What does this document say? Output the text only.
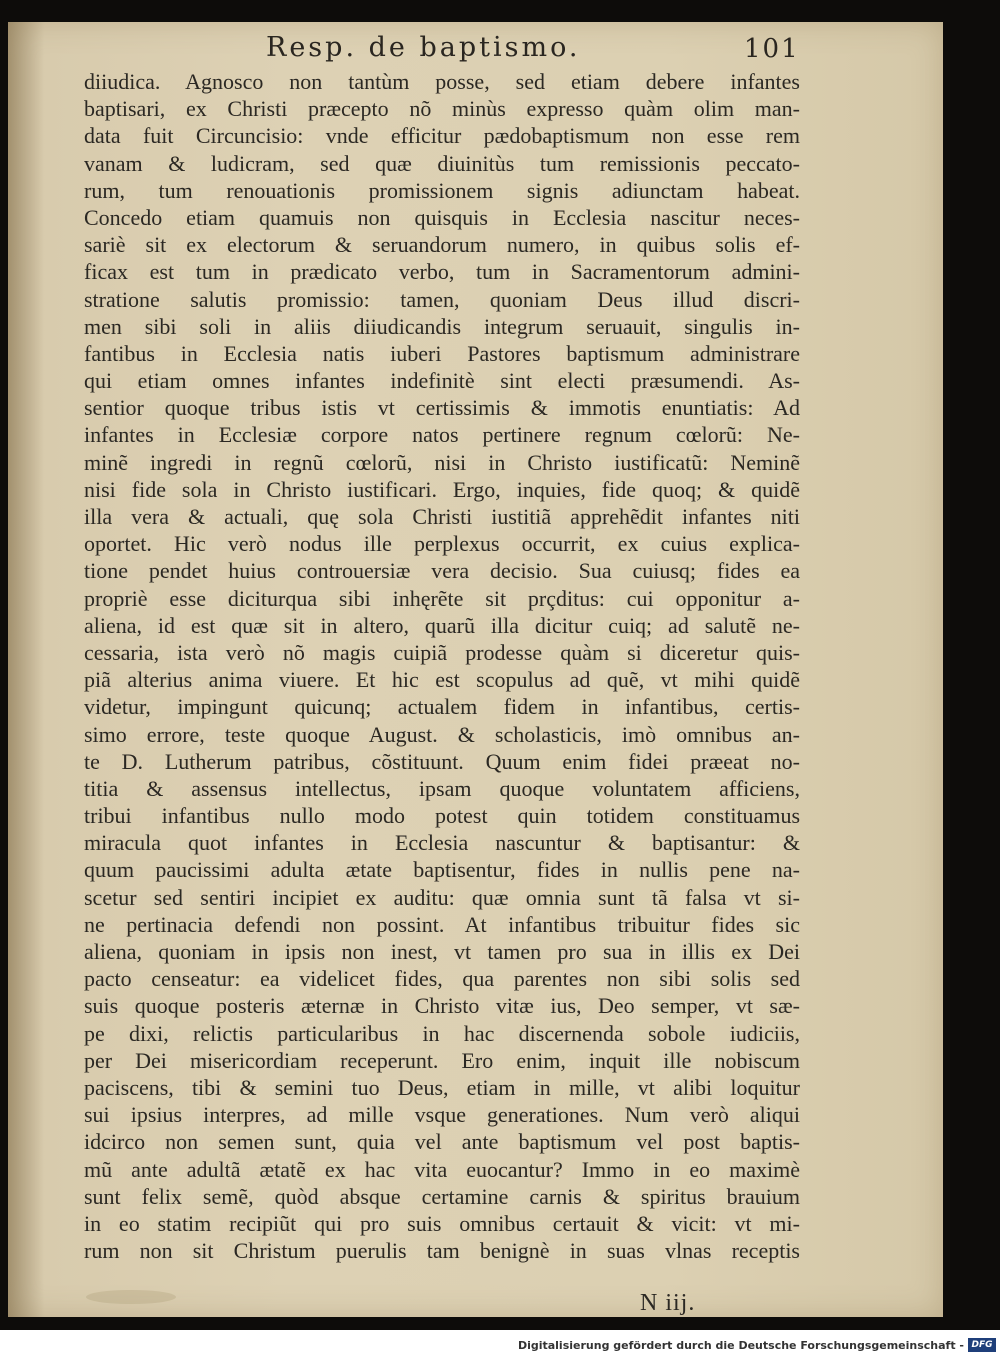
Resp. de baptismo.	101
diiudica. Agnosco non tantùm posse, sed etiam debere infantes
baptisari, ex Christi præcepto nõ minùs expresso quàm olim man-
data fuit Circuncisio: vnde efficitur pædobaptismum non esse rem
vanam & ludicram, sed quæ diuinitùs tum remissionis peccato-
rum, tum renouationis promissionem signis adiunctam habeat.
Concedo etiam quamuis non quisquis in Ecclesia nascitur neces-
sariè sit ex electorum & seruandorum numero, in quibus solis ef-
ficax est tum in prædicato verbo, tum in Sacramentorum admini-
stratione salutis promissio: tamen, quoniam Deus illud discri-
men sibi soli in aliis diiudicandis integrum seruauit, singulis in-
fantibus in Ecclesia natis iuberi Pastores baptismum administrare
qui etiam omnes infantes indefinitè sint electi præsumendi. As-
sentior quoque tribus istis vt certissimis & immotis enuntiatis: Ad
infantes in Ecclesiæ corpore natos pertinere regnum cœlorũ: Ne-
minẽ ingredi in regnũ cœlorũ, nisi in Christo iustificatũ: Neminẽ
nisi fide sola in Christo iustificari. Ergo, inquies, fide quoq; & quidẽ
illa vera & actuali, quę sola Christi iustitiã apprehẽdit infantes niti
oportet. Hic verò nodus ille perplexus occurrit, ex cuius explica-
tione pendet huius controuersiæ vera decisio. Sua cuiusq; fides ea
propriè esse diciturqua sibi inhęrẽte sit prçditus: cui opponitur a-
aliena, id est quæ sit in altero, quarũ illa dicitur cuiq; ad salutẽ ne-
cessaria, ista verò nõ magis cuipiã prodesse quàm si diceretur quis-
piã alterius anima viuere. Et hic est scopulus ad quẽ, vt mihi quidẽ
videtur, impingunt quicunq; actualem fidem in infantibus, certis-
simo errore, teste quoque August. & scholasticis, imò omnibus an-
te D. Lutherum patribus, cõstituunt. Quum enim fidei præeat no-
titia & assensus intellectus, ipsam quoque voluntatem afficiens,
tribui infantibus nullo modo potest quin totidem constituamus
miracula quot infantes in Ecclesia nascuntur & baptisantur: &
quum paucissimi adulta ætate baptisentur, fides in nullis pene na-
scetur sed sentiri incipiet ex auditu: quæ omnia sunt tã falsa vt si-
ne pertinacia defendi non possint. At infantibus tribuitur fides sic
aliena, quoniam in ipsis non inest, vt tamen pro sua in illis ex Dei
pacto censeatur: ea videlicet fides, qua parentes non sibi solis sed
suis quoque posteris æternæ in Christo vitæ ius, Deo semper, vt sæ-
pe dixi, relictis particularibus in hac discernenda sobole iudiciis,
per Dei misericordiam receperunt. Ero enim, inquit ille nobiscum
paciscens, tibi & semini tuo Deus, etiam in mille, vt alibi loquitur
sui ipsius interpres, ad mille vsque generationes. Num verò aliqui
idcirco non semen sunt, quia vel ante baptismum vel post baptis-
mũ ante adultã ætatẽ ex hac vita euocantur? Immo in eo maximè
sunt felix semẽ, quòd absque certamine carnis & spiritus brauium
in eo statim recipiũt qui pro suis omnibus certauit & vicit: vt mi-
rum non sit Christum puerulis tam benignè in suas vlnas receptis
N iij.
Digitalisierung gefördert durch die Deutsche Forschungsgemeinschaft - DFG
